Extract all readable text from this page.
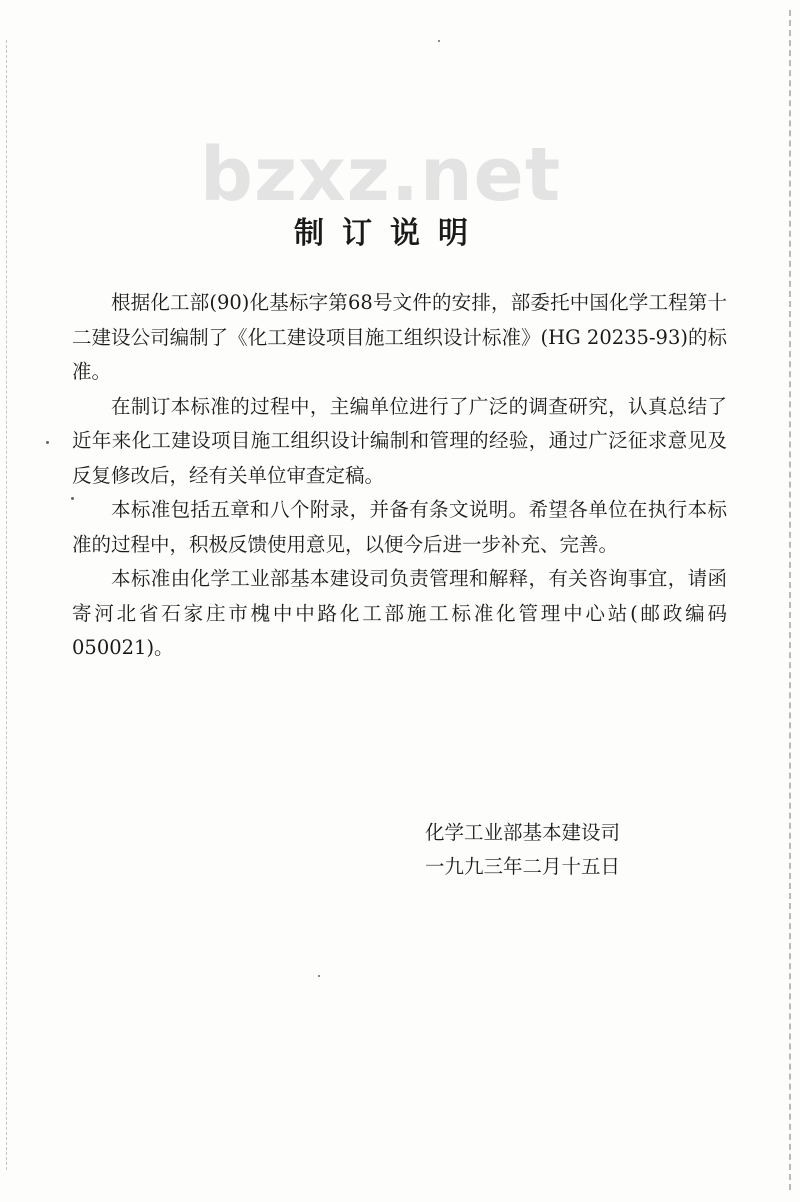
bzxz.net
制订说明

根据化工部(90)化基标字第68号文件的安排，部委托中国化学工程第十二建设公司编制了《化工建设项目施工组织设计标准》(HG 20235-93)的标准。

在制订本标准的过程中，主编单位进行了广泛的调查研究，认真总结了近年来化工建设项目施工组织设计编制和管理的经验，通过广泛征求意见及反复修改后，经有关单位审查定稿。

本标准包括五章和八个附录，并备有条文说明。希望各单位在执行本标准的过程中，积极反馈使用意见，以便今后进一步补充、完善。

本标准由化学工业部基本建设司负责管理和解释，有关咨询事宜，请函寄河北省石家庄市槐中中路化工部施工标准化管理中心站(邮政编码 050021)。

化学工业部基本建设司
一九九三年二月十五日
